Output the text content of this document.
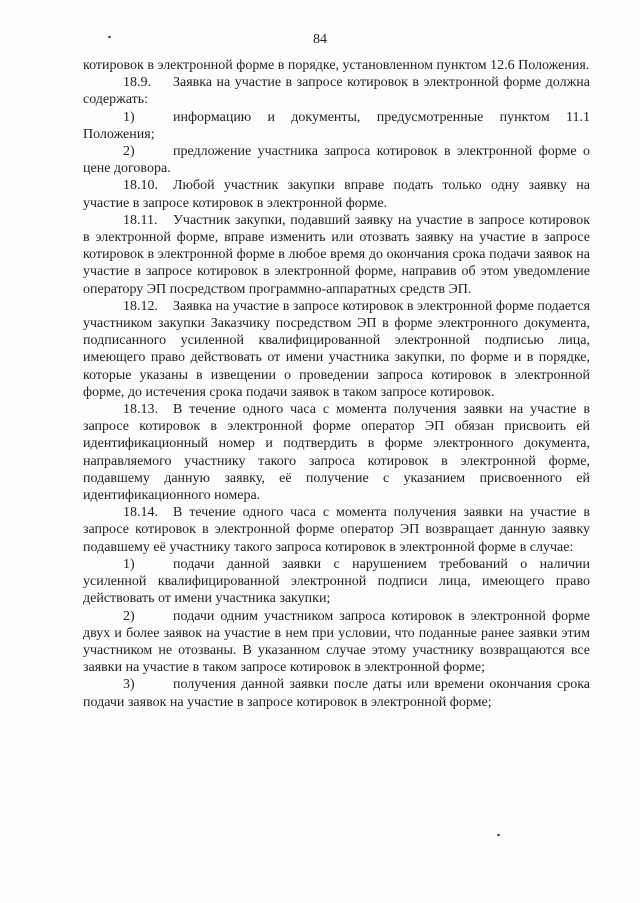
84

котировок в электронной форме в порядке, установленном пунктом 12.6 Положения.

18.9. Заявка на участие в запросе котировок в электронной форме должна содержать:

1)	информацию и документы, предусмотренные пунктом 11.1 Положения;

2)	предложение участника запроса котировок в электронной форме о цене договора.

18.10. Любой участник закупки вправе подать только одну заявку на участие в запросе котировок в электронной форме.

18.11. Участник закупки, подавший заявку на участие в запросе котировок в электронной форме, вправе изменить или отозвать заявку на участие в запросе котировок в электронной форме в любое время до окончания срока подачи заявок на участие в запросе котировок в электронной форме, направив об этом уведомление оператору ЭП посредством программно-аппаратных средств ЭП.

18.12. Заявка на участие в запросе котировок в электронной форме подается участником закупки Заказчику посредством ЭП в форме электронного документа, подписанного усиленной квалифицированной электронной подписью лица, имеющего право действовать от имени участника закупки, по форме и в порядке, которые указаны в извещении о проведении запроса котировок в электронной форме, до истечения срока подачи заявок в таком запросе котировок.

18.13. В течение одного часа с момента получения заявки на участие в запросе котировок в электронной форме оператор ЭП обязан присвоить ей идентификационный номер и подтвердить в форме электронного документа, направляемого участнику такого запроса котировок в электронной форме, подавшему данную заявку, её получение с указанием присвоенного ей идентификационного номера.

18.14. В течение одного часа с момента получения заявки на участие в запросе котировок в электронной форме оператор ЭП возвращает данную заявку подавшему её участнику такого запроса котировок в электронной форме в случае:

1)	подачи данной заявки с нарушением требований о наличии усиленной квалифицированной электронной подписи лица, имеющего право действовать от имени участника закупки;

2)	подачи одним участником запроса котировок в электронной форме двух и более заявок на участие в нем при условии, что поданные ранее заявки этим участником не отозваны. В указанном случае этому участнику возвращаются все заявки на участие в таком запросе котировок в электронной форме;

3)	получения данной заявки после даты или времени окончания срока подачи заявок на участие в запросе котировок в электронной форме;
